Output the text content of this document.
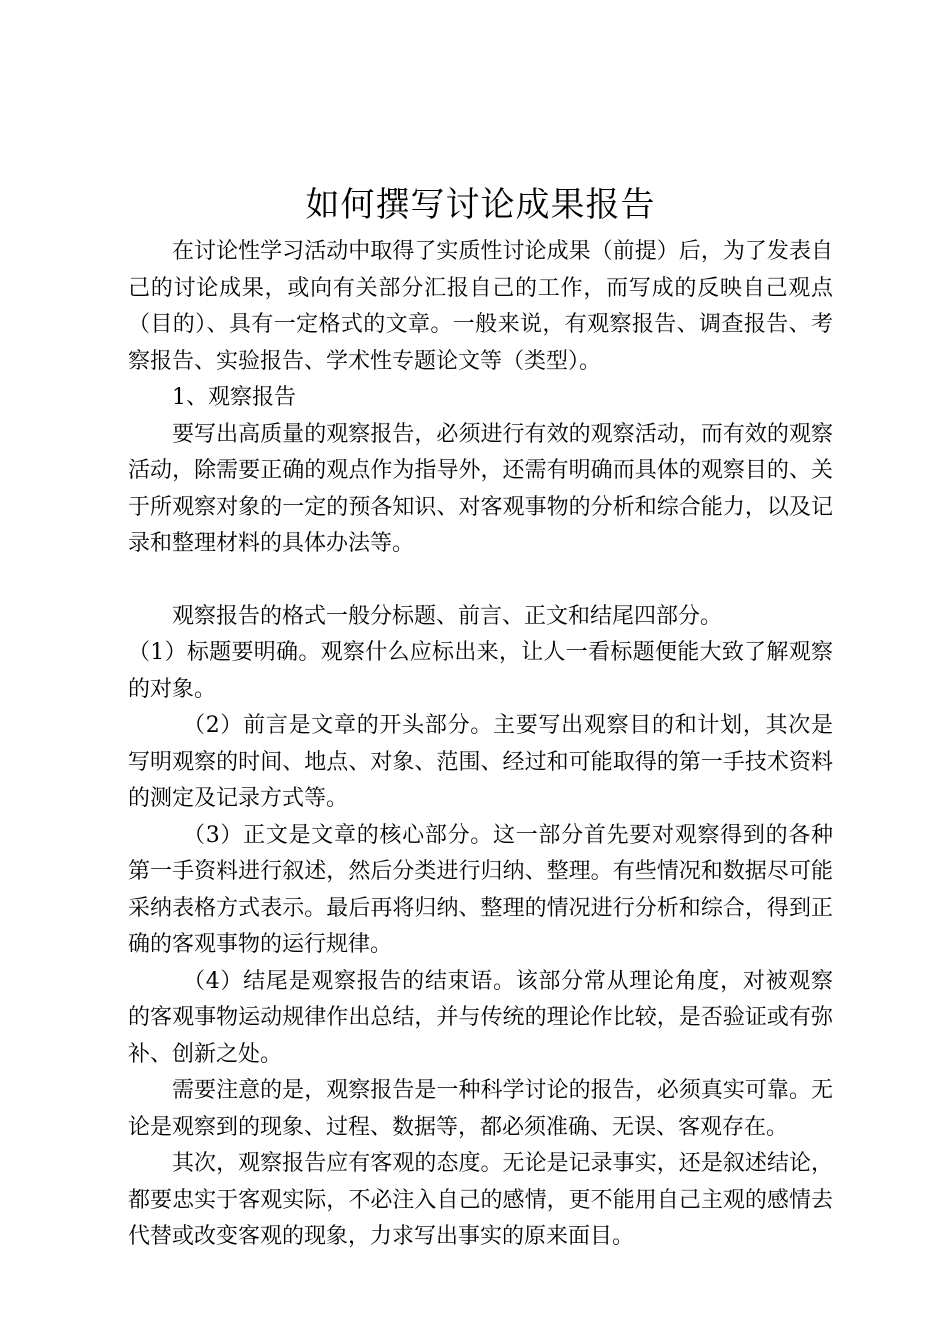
如何撰写讨论成果报告

在讨论性学习活动中取得了实质性讨论成果（前提）后，为了发表自己的讨论成果，或向有关部分汇报自己的工作，而写成的反映自己观点（目的）、具有一定格式的文章。一般来说，有观察报告、调查报告、考察报告、实验报告、学术性专题论文等（类型）。

1、观察报告

要写出高质量的观察报告，必须进行有效的观察活动，而有效的观察活动，除需要正确的观点作为指导外，还需有明确而具体的观察目的、关于所观察对象的一定的预各知识、对客观事物的分析和综合能力，以及记录和整理材料的具体办法等。

观察报告的格式一般分标题、前言、正文和结尾四部分。

（1）标题要明确。观察什么应标出来，让人一看标题便能大致了解观察的对象。

（2）前言是文章的开头部分。主要写出观察目的和计划，其次是写明观察的时间、地点、对象、范围、经过和可能取得的第一手技术资料的测定及记录方式等。

（3）正文是文章的核心部分。这一部分首先要对观察得到的各种第一手资料进行叙述，然后分类进行归纳、整理。有些情况和数据尽可能采纳表格方式表示。最后再将归纳、整理的情况进行分析和综合，得到正确的客观事物的运行规律。

（4）结尾是观察报告的结束语。该部分常从理论角度，对被观察的客观事物运动规律作出总结，并与传统的理论作比较，是否验证或有弥补、创新之处。

需要注意的是，观察报告是一种科学讨论的报告，必须真实可靠。无论是观察到的现象、过程、数据等，都必须准确、无误、客观存在。

其次，观察报告应有客观的态度。无论是记录事实，还是叙述结论，都要忠实于客观实际，不必注入自己的感情，更不能用自己主观的感情去代替或改变客观的现象，力求写出事实的原来面目。
